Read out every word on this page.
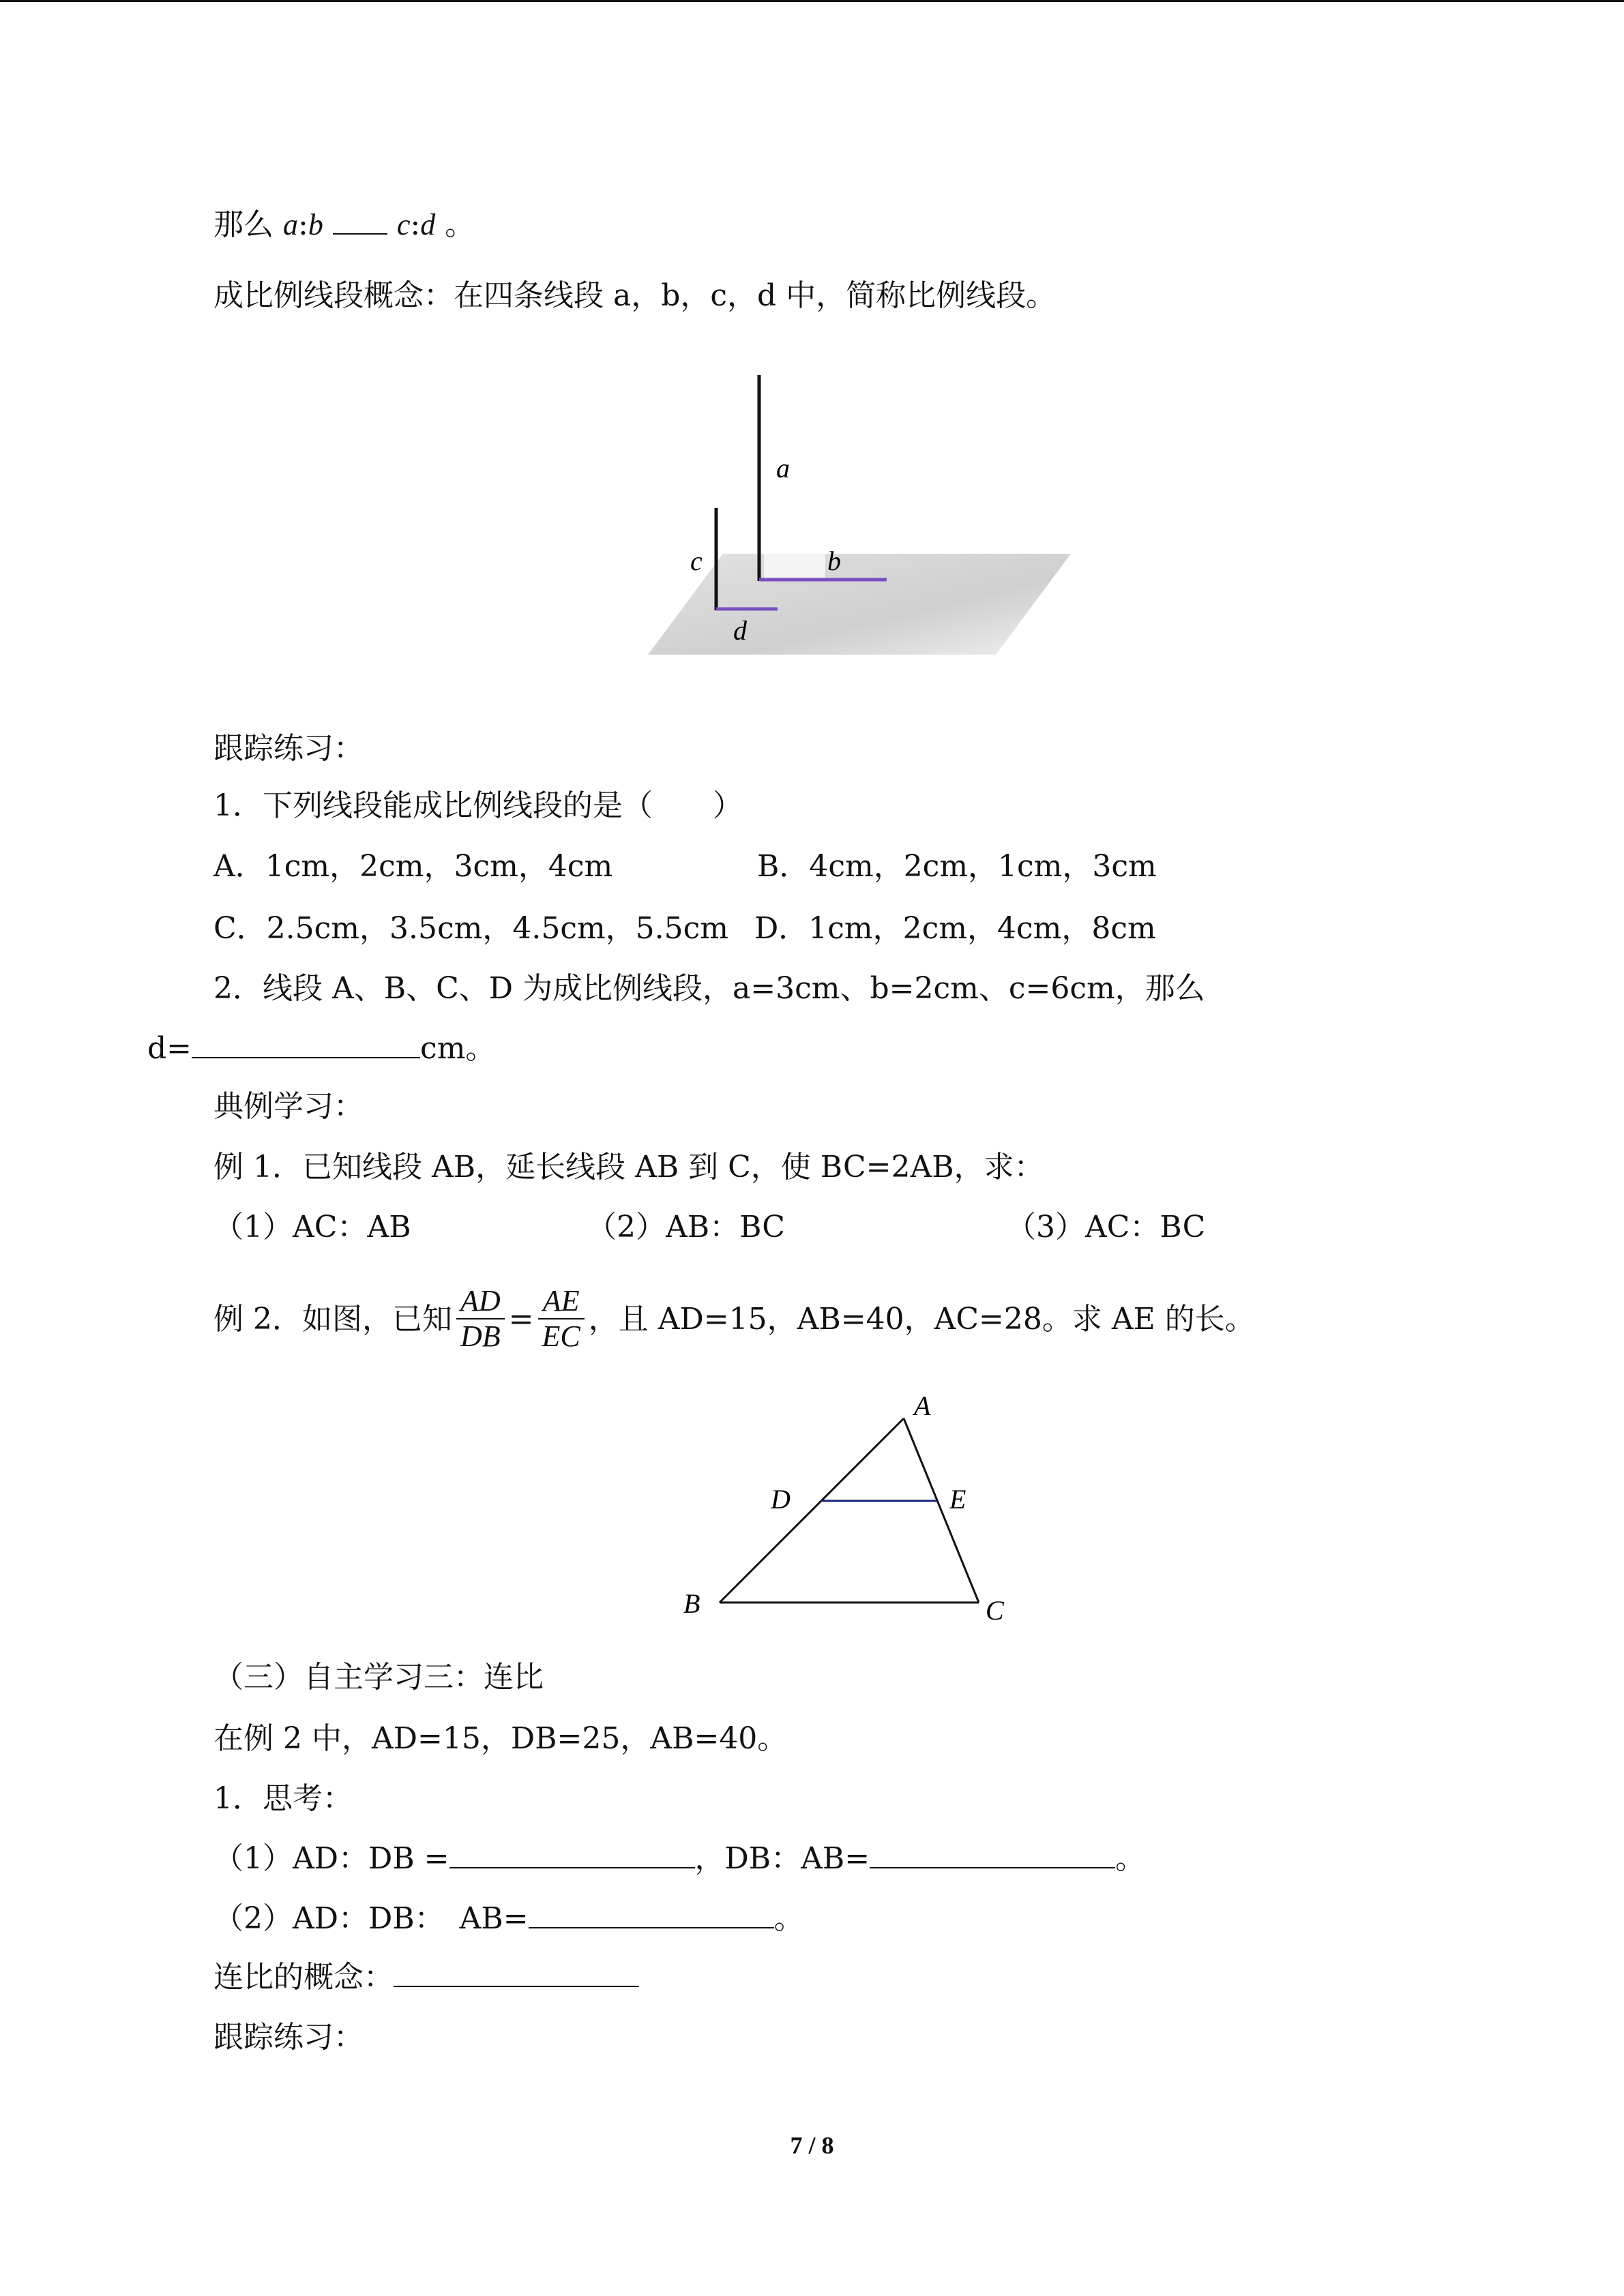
那么 a:b c:d 。
成比例线段概念：在四条线段 a，b，c，d 中，简称比例线段。
a
b
c
d
跟踪练习：
1．下列线段能成比例线段的是（　　）
A．1cm，2cm，3cm，4cm	B．4cm，2cm，1cm，3cm
C．2.5cm，3.5cm，4.5cm，5.5cm D．1cm，2cm，4cm，8cm
2．线段 A、B、C、D 为成比例线段，a=3cm、b=2cm、c=6cm，那么
d=	cm。
典例学习：
例 1．已知线段 AB，延长线段 AB 到 C，使 BC=2AB，求：
（1）AC：AB	（2）AB：BC	（3）AC：BC
例 2．如图，已知 $\frac{AD}{DB} = \frac{AE}{EC}$ ，且 AD=15，AB=40，AC=28。求 AE 的长。
A
B	C
D	E
（三）自主学习三：连比
在例 2 中，AD=15，DB=25，AB=40。
1．思考：
（1）AD：DB =	，DB：AB=	。
（2）AD：DB：　AB=	。
连比的概念：
跟踪练习：
7 / 8
